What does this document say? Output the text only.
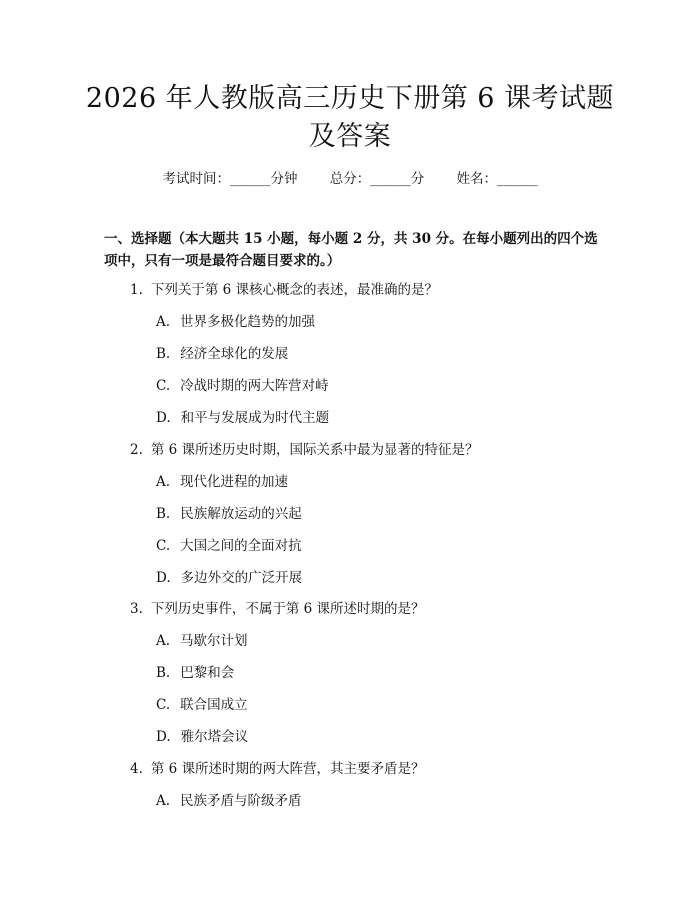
2026 年人教版高三历史下册第 6 课考试题及答案
考试时间：______分钟 总分：______分 姓名：______
一、选择题（本大题共 15 小题，每小题 2 分，共 30 分。在每小题列出的四个选项中，只有一项是最符合题目要求的。）
1. 下列关于第 6 课核心概念的表述，最准确的是？
A. 世界多极化趋势的加强
B. 经济全球化的发展
C. 冷战时期的两大阵营对峙
D. 和平与发展成为时代主题
2. 第 6 课所述历史时期，国际关系中最为显著的特征是？
A. 现代化进程的加速
B. 民族解放运动的兴起
C. 大国之间的全面对抗
D. 多边外交的广泛开展
3. 下列历史事件，不属于第 6 课所述时期的是？
A. 马歇尔计划
B. 巴黎和会
C. 联合国成立
D. 雅尔塔会议
4. 第 6 课所述时期的两大阵营，其主要矛盾是？
A. 民族矛盾与阶级矛盾
